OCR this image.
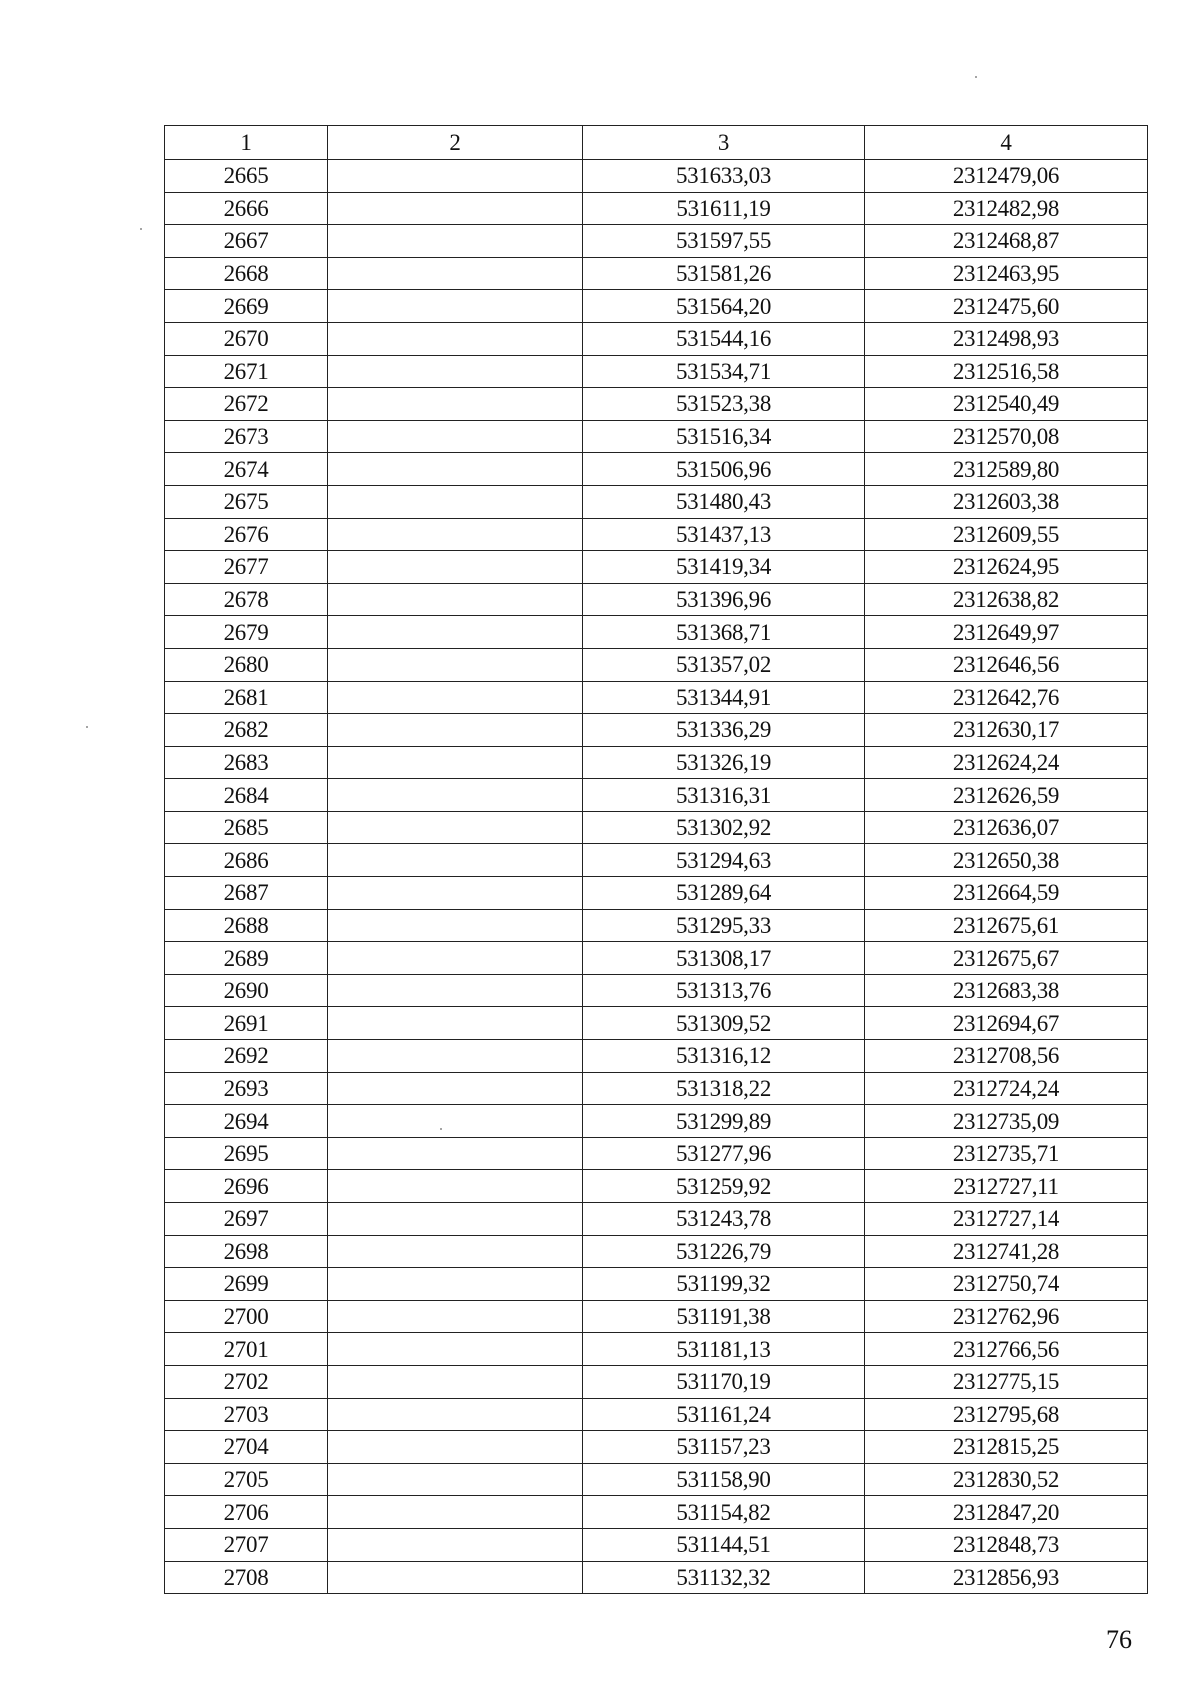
1	2	3	4
2665		531633,03	2312479,06
2666		531611,19	2312482,98
2667		531597,55	2312468,87
2668		531581,26	2312463,95
2669		531564,20	2312475,60
2670		531544,16	2312498,93
2671		531534,71	2312516,58
2672		531523,38	2312540,49
2673		531516,34	2312570,08
2674		531506,96	2312589,80
2675		531480,43	2312603,38
2676		531437,13	2312609,55
2677		531419,34	2312624,95
2678		531396,96	2312638,82
2679		531368,71	2312649,97
2680		531357,02	2312646,56
2681		531344,91	2312642,76
2682		531336,29	2312630,17
2683		531326,19	2312624,24
2684		531316,31	2312626,59
2685		531302,92	2312636,07
2686		531294,63	2312650,38
2687		531289,64	2312664,59
2688		531295,33	2312675,61
2689		531308,17	2312675,67
2690		531313,76	2312683,38
2691		531309,52	2312694,67
2692		531316,12	2312708,56
2693		531318,22	2312724,24
2694		531299,89	2312735,09
2695		531277,96	2312735,71
2696		531259,92	2312727,11
2697		531243,78	2312727,14
2698		531226,79	2312741,28
2699		531199,32	2312750,74
2700		531191,38	2312762,96
2701		531181,13	2312766,56
2702		531170,19	2312775,15
2703		531161,24	2312795,68
2704		531157,23	2312815,25
2705		531158,90	2312830,52
2706		531154,82	2312847,20
2707		531144,51	2312848,73
2708		531132,32	2312856,93
76
